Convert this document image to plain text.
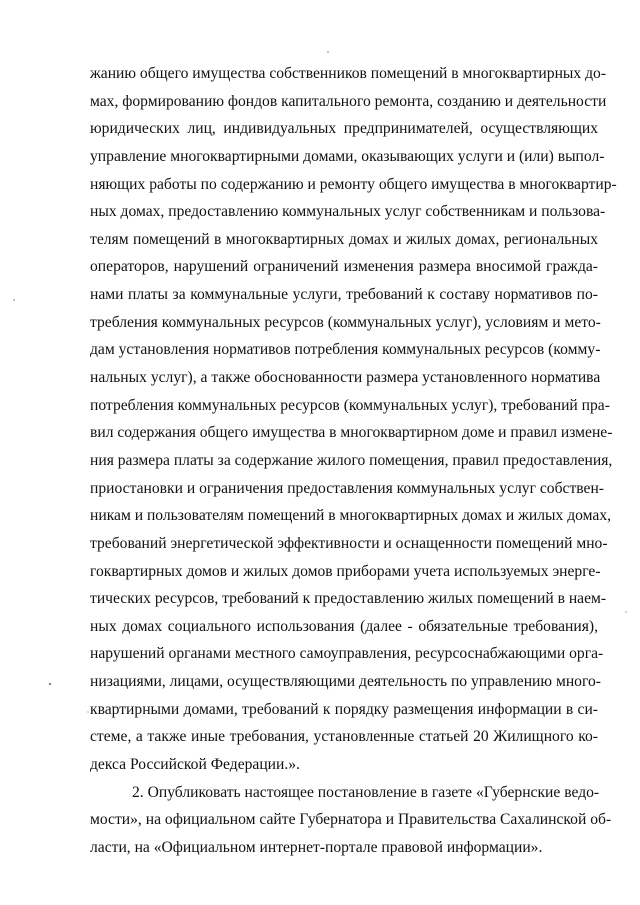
жанию общего имущества собственников помещений в многоквартирных до-
мах, формированию фондов капитального ремонта, созданию и деятельности
юридических лиц, индивидуальных предпринимателей, осуществляющих
управление многоквартирными домами, оказывающих услуги и (или) выпол-
няющих работы по содержанию и ремонту общего имущества в многоквартир-
ных домах, предоставлению коммунальных услуг собственникам и пользова-
телям помещений в многоквартирных домах и жилых домах, региональных
операторов, нарушений ограничений изменения размера вносимой гражда-
нами платы за коммунальные услуги, требований к составу нормативов по-
требления коммунальных ресурсов (коммунальных услуг), условиям и мето-
дам установления нормативов потребления коммунальных ресурсов (комму-
нальных услуг), а также обоснованности размера установленного норматива
потребления коммунальных ресурсов (коммунальных услуг), требований пра-
вил содержания общего имущества в многоквартирном доме и правил измене-
ния размера платы за содержание жилого помещения, правил предоставления,
приостановки и ограничения предоставления коммунальных услуг собствен-
никам и пользователям помещений в многоквартирных домах и жилых домах,
требований энергетической эффективности и оснащенности помещений мно-
гоквартирных домов и жилых домов приборами учета используемых энерге-
тических ресурсов, требований к предоставлению жилых помещений в наем-
ных домах социального использования (далее - обязательные требования),
нарушений органами местного самоуправления, ресурсоснабжающими орга-
низациями, лицами, осуществляющими деятельность по управлению много-
квартирными домами, требований к порядку размещения информации в си-
стеме, а также иные требования, установленные статьей 20 Жилищного ко-
декса Российской Федерации.».
2. Опубликовать настоящее постановление в газете «Губернские ведо-
мости», на официальном сайте Губернатора и Правительства Сахалинской об-
ласти, на «Официальном интернет-портале правовой информации».
